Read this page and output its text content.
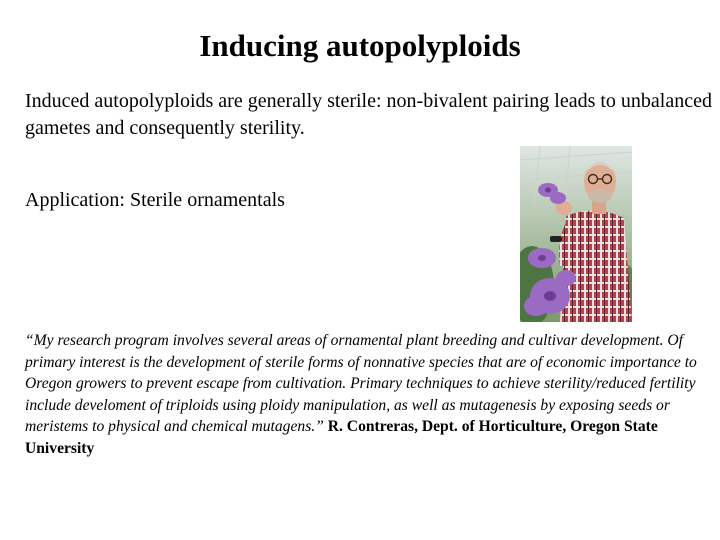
Inducing autopolyploids

Induced autopolyploids are generally sterile: non-bivalent pairing leads to unbalanced gametes and consequently sterility.

Application: Sterile ornamentals

“My research program involves several areas of ornamental plant breeding and cultivar development. Of primary interest is the development of sterile forms of nonnative species that are of economic importance to Oregon growers to prevent escape from cultivation. Primary techniques to achieve sterility/reduced fertility include develoment of triploids using ploidy manipulation, as well as mutagenesis by exposing seeds or meristems to physical and chemical mutagens.” R. Contreras, Dept. of Horticulture, Oregon State University
